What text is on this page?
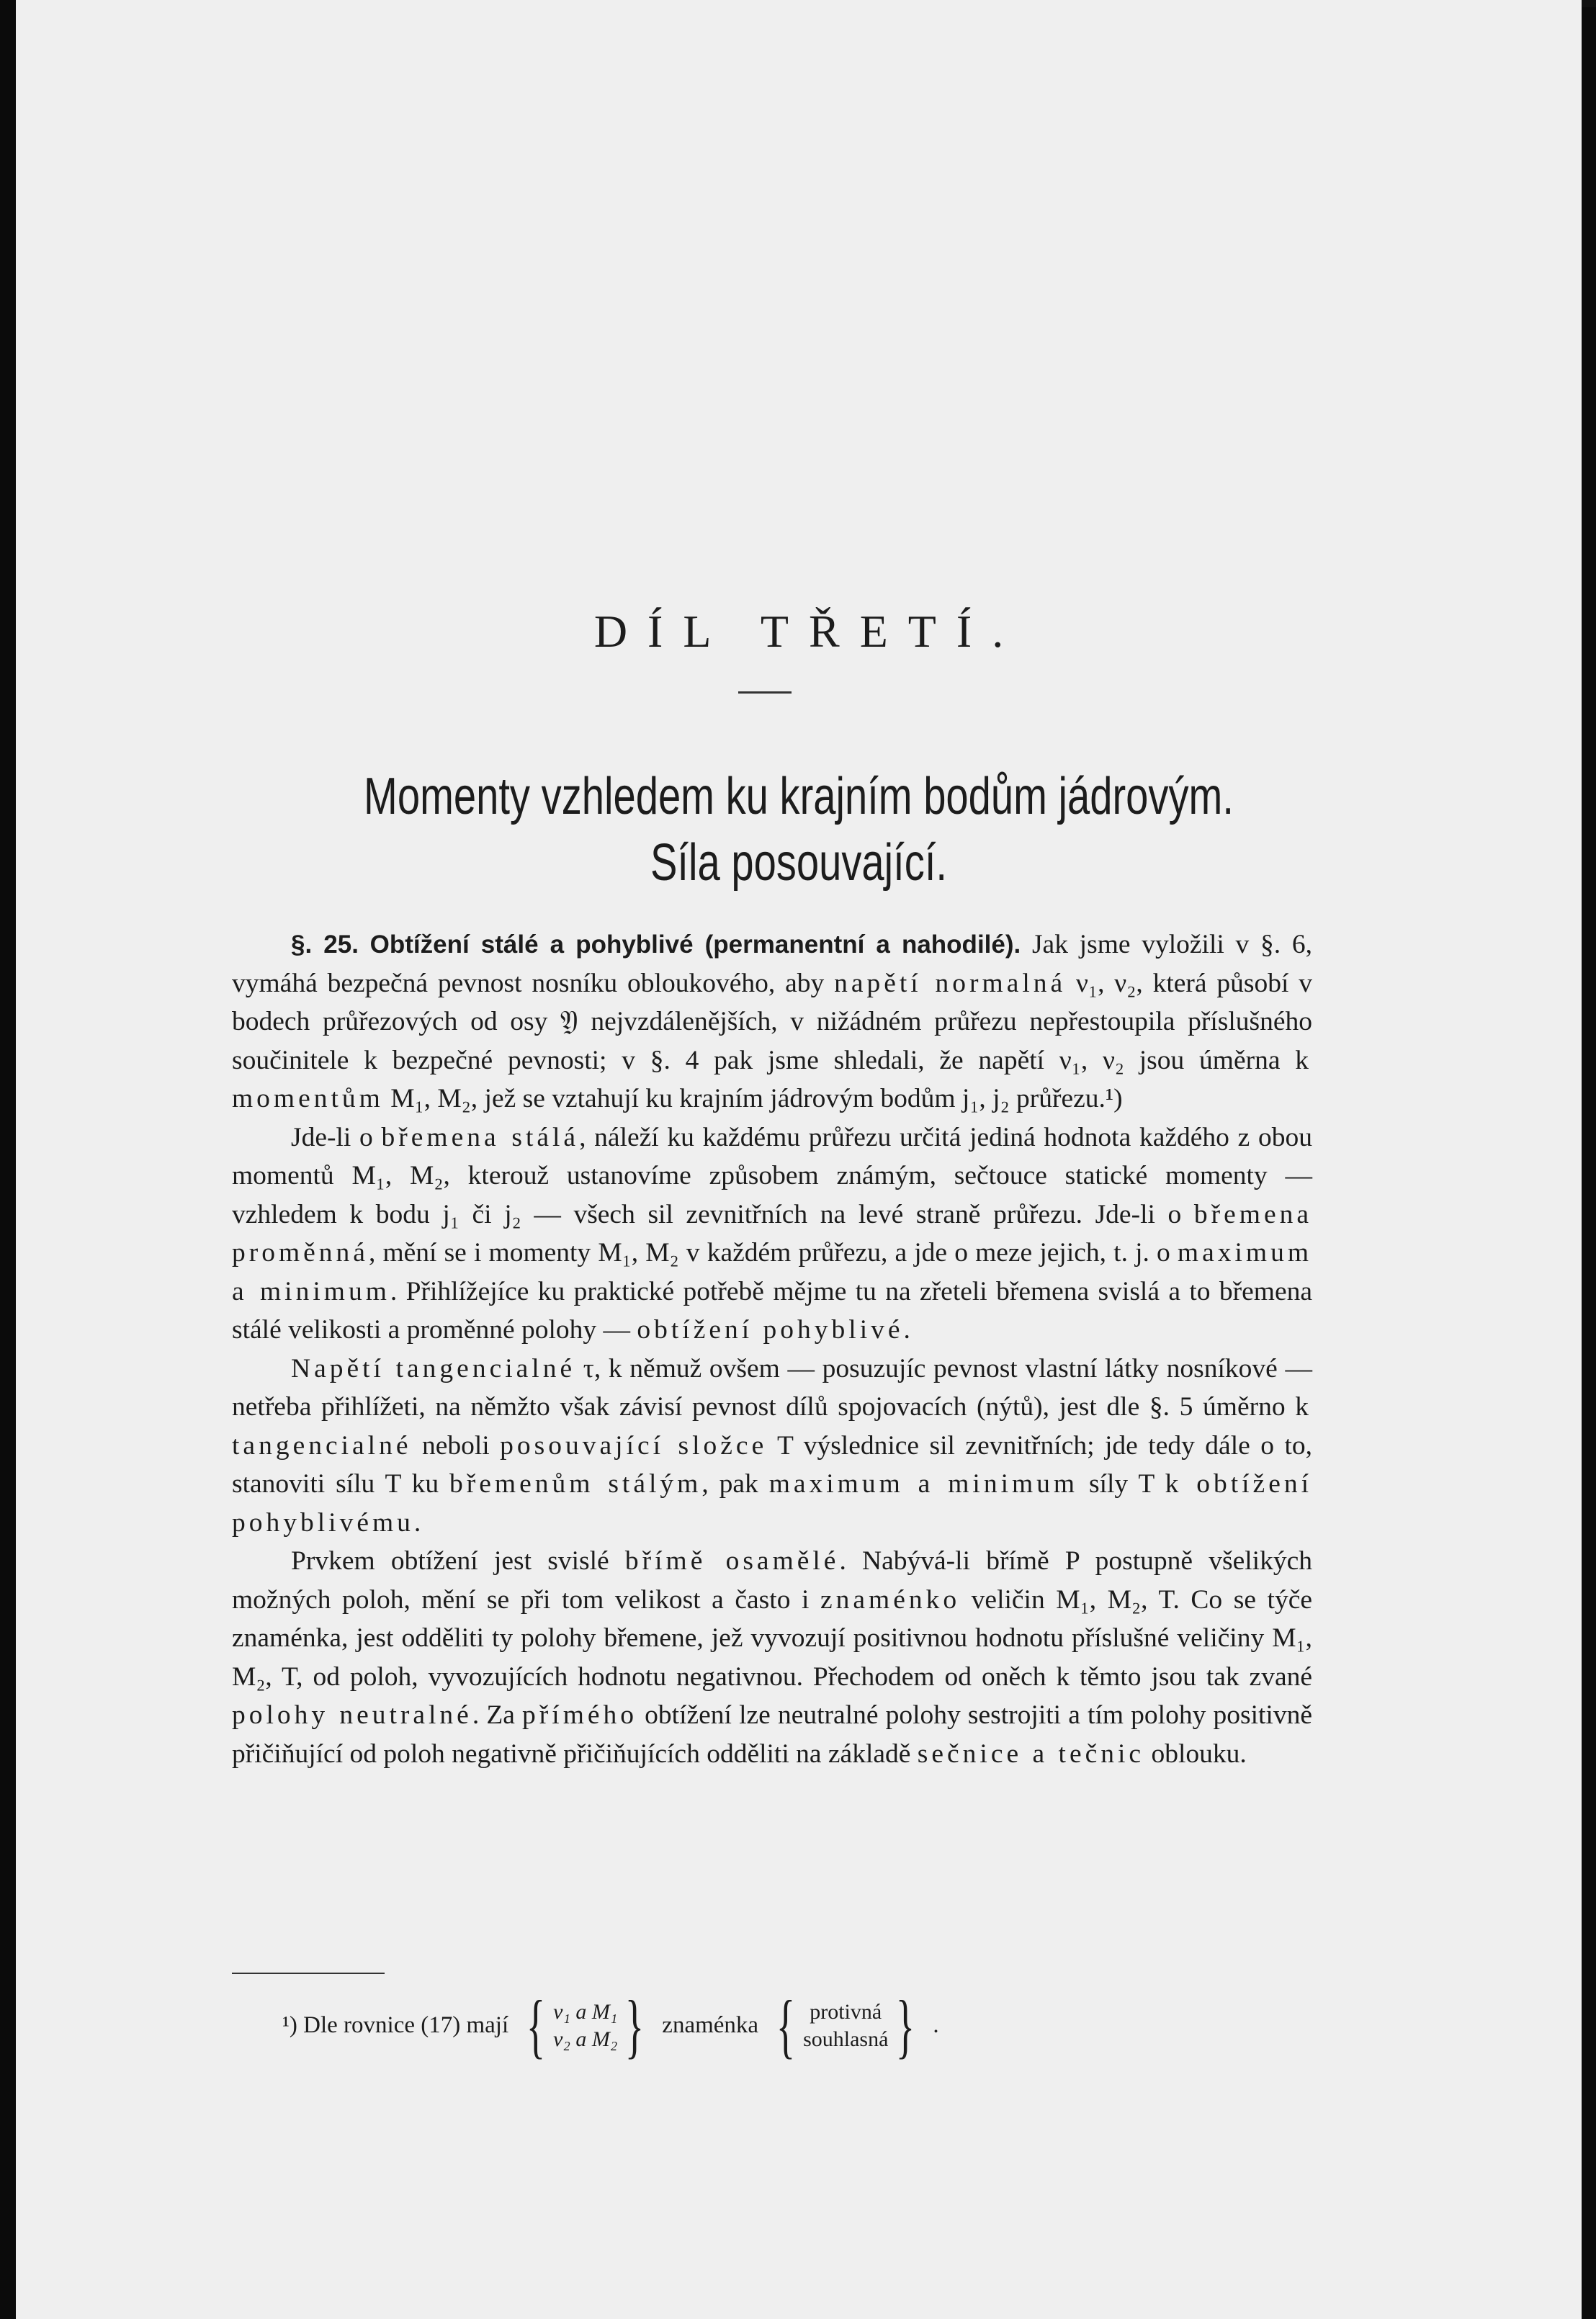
DÍL TŘETÍ.
Momenty vzhledem ku krajním bodům jádrovým.
Síla posouvající.

§. 25. Obtížení stálé a pohyblivé (permanentní a nahodilé). Jak jsme vyložili v §. 6, vymáhá bezpečná pevnost nosníku obloukového, aby napětí normalná ν₁, ν₂, která působí v bodech průřezových od osy 𝔜 nejvzdálenějších, v nižádném průřezu nepřestoupila příslušného součinitele k bezpečné pevnosti; v §. 4 pak jsme shledali, že napětí ν₁, ν₂ jsou úměrna k momentům M₁, M₂, jež se vztahují ku krajním jádrovým bodům j₁, j₂ průřezu.¹)

Jde-li o břemena stálá, náleží ku každému průřezu určitá jediná hodnota každého z obou momentů M₁, M₂, kterouž ustanovíme způsobem známým, sečtouce statické momenty — vzhledem k bodu j₁ či j₂ — všech sil zevnitřních na levé straně průřezu. Jde-li o břemena proměnná, mění se i momenty M₁, M₂ v každém průřezu, a jde o meze jejich, t. j. o maximum a minimum. Přihlížejíce ku praktické potřebě mějme tu na zřeteli břemena svislá a to břemena stálé velikosti a proměnné polohy — obtížení pohyblivé.

Napětí tangencialné τ, k němuž ovšem — posuzujíc pevnost vlastní látky nosníkové — netřeba přihlížeti, na němžto však závisí pevnost dílů spojovacích (nýtů), jest dle §. 5 úměrno k tangencialné neboli posouvající složce T výslednice sil zevnitřních; jde tedy dále o to, stanoviti sílu T ku břemenům stálým, pak maximum a minimum síly T k obtížení pohyblivému.

Prvkem obtížení jest svislé břímě osamělé. Nabývá-li břímě P postupně všelikých možných poloh, mění se při tom velikost a často i znaménko veličin M₁, M₂, T. Co se týče znaménka, jest odděliti ty polohy břemene, jež vyvozují positivnou hodnotu příslušné veličiny M₁, M₂, T, od poloh, vyvozujících hodnotu negativnou. Přechodem od oněch k těmto jsou tak zvané polohy neutralné. Za přímého obtížení lze neutralné polohy sestrojiti a tím polohy positivně přičiňující od poloh negativně přičiňujících odděliti na základě sečnice a tečnic oblouku.

¹) Dle rovnice (17) mají { ν₁ a M₁
ν₂ a M₂ } znaménka { protivná
souhlasná } .
